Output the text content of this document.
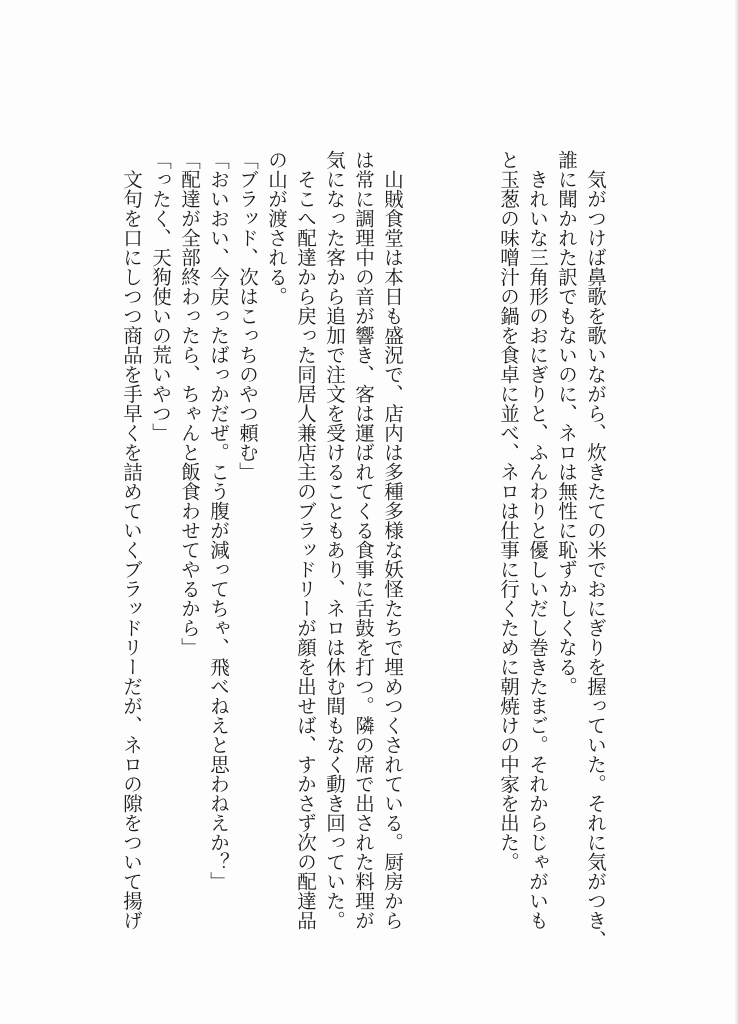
　気がつけば鼻歌を歌いながら、炊きたての米でおにぎりを握っていた。それに気がつき、
誰に聞かれた訳でもないのに、ネロは無性に恥ずかしくなる。
　きれいな三角形のおにぎりと、ふんわりと優しいだし巻きたまご。それからじゃがいも
と玉葱の味噌汁の鍋を食卓に並べ、ネロは仕事に行くために朝焼けの中家を出た。
　山賊食堂は本日も盛況で、店内は多種多様な妖怪たちで埋めつくされている。厨房から
は常に調理中の音が響き、客は運ばれてくる食事に舌鼓を打つ。隣の席で出された料理が
気になった客から追加で注文を受けることもあり、ネロは休む間もなく動き回っていた。
　そこへ配達から戻った同居人兼店主のブラッドリーが顔を出せば、すかさず次の配達品
の山が渡される。
「ブラッド、次はこっちのやつ頼む」
「おいおい、今戻ったばっかだぜ。こう腹が減ってちゃ、飛べねえと思わねえか？」
「配達が全部終わったら、ちゃんと飯食わせてやるから」
「ったく、天狗使いの荒いやつ」
　文句を口にしつつ商品を手早くを詰めていくブラッドリーだが、ネロの隙をついて揚げ
